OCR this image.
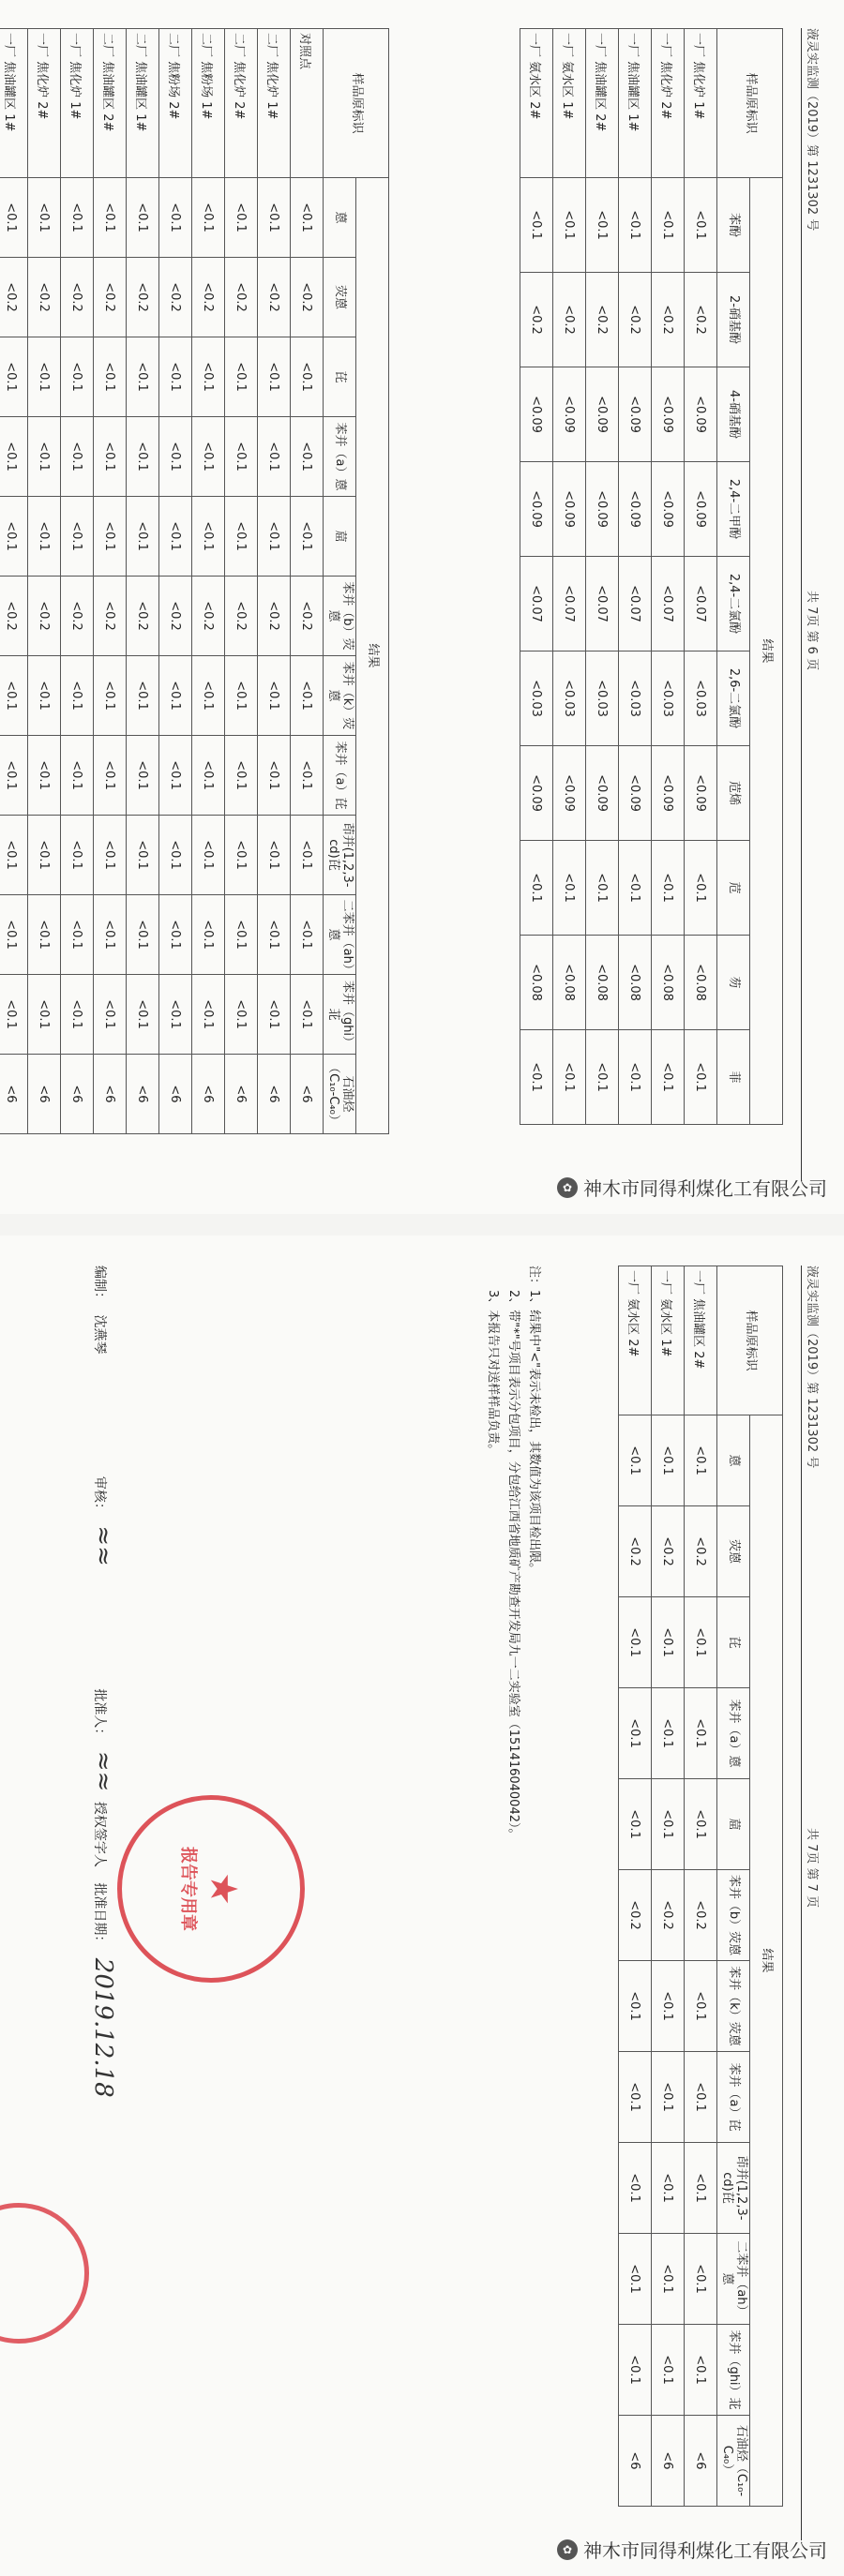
液灵实监测（2019）第 1231302 号
共 7页 第 6 页
样品原标识	结果									
	苯酚	2-硝基酚	4-硝基酚	2,4-二甲酚	2,4-二氯酚	2,6-二氯酚	苊烯	苊	芴	菲
一厂 焦化炉 1#	<0.1	<0.2	<0.09	<0.09	<0.07	<0.03	<0.09	<0.1	<0.08	<0.1
一厂 焦化炉 2#	<0.1	<0.2	<0.09	<0.09	<0.07	<0.03	<0.09	<0.1	<0.08	<0.1
一厂 焦油罐区 1#	<0.1	<0.2	<0.09	<0.09	<0.07	<0.03	<0.09	<0.1	<0.08	<0.1
一厂 焦油罐区 2#	<0.1	<0.2	<0.09	<0.09	<0.07	<0.03	<0.09	<0.1	<0.08	<0.1
一厂 氨水区 1#	<0.1	<0.2	<0.09	<0.09	<0.07	<0.03	<0.09	<0.1	<0.08	<0.1
一厂 氨水区 2#	<0.1	<0.2	<0.09	<0.09	<0.07	<0.03	<0.09	<0.1	<0.08	<0.1
样品原标识	结果											
	蒽	荧蒽	芘	苯并（a）蒽	䓛	苯并（b）荧蒽	苯并（k）荧蒽	苯并（a）芘	茚并(1,2,3-cd)芘	二苯并（ah）蒽	苯并（ghi）苝	石油烃（C₁₀-C₄₀）
对照点	<0.1	<0.2	<0.1	<0.1	<0.1	<0.2	<0.1	<0.1	<0.1	<0.1	<0.1	<6
二厂 焦化炉 1#	<0.1	<0.2	<0.1	<0.1	<0.1	<0.2	<0.1	<0.1	<0.1	<0.1	<0.1	<6
二厂 焦化炉 2#	<0.1	<0.2	<0.1	<0.1	<0.1	<0.2	<0.1	<0.1	<0.1	<0.1	<0.1	<6
二厂 焦粉场 1#	<0.1	<0.2	<0.1	<0.1	<0.1	<0.2	<0.1	<0.1	<0.1	<0.1	<0.1	<6
二厂 焦粉场 2#	<0.1	<0.2	<0.1	<0.1	<0.1	<0.2	<0.1	<0.1	<0.1	<0.1	<0.1	<6
二厂 焦油罐区 1#	<0.1	<0.2	<0.1	<0.1	<0.1	<0.2	<0.1	<0.1	<0.1	<0.1	<0.1	<6
二厂 焦油罐区 2#	<0.1	<0.2	<0.1	<0.1	<0.1	<0.2	<0.1	<0.1	<0.1	<0.1	<0.1	<6
一厂 焦化炉 1#	<0.1	<0.2	<0.1	<0.1	<0.1	<0.2	<0.1	<0.1	<0.1	<0.1	<0.1	<6
一厂 焦化炉 2#	<0.1	<0.2	<0.1	<0.1	<0.1	<0.2	<0.1	<0.1	<0.1	<0.1	<0.1	<6
一厂 焦油罐区 1#	<0.1	<0.2	<0.1	<0.1	<0.1	<0.2	<0.1	<0.1	<0.1	<0.1	<0.1	<6
✿ 神木市同得利煤化工有限公司
液灵实监测（2019）第 1231302 号
共 7页 第 7 页
样品原标识	结果											
	蒽	荧蒽	芘	苯并（a）蒽	䓛	苯并（b）荧蒽	苯并（k）荧蒽	苯并（a）芘	茚并(1,2,3-cd)芘	二苯并（ah）蒽	苯并（ghi）苝	石油烃（C₁₀-C₄₀）
一厂 焦油罐区 2#	<0.1	<0.2	<0.1	<0.1	<0.1	<0.2	<0.1	<0.1	<0.1	<0.1	<0.1	<6
一厂 氨水区 1#	<0.1	<0.2	<0.1	<0.1	<0.1	<0.2	<0.1	<0.1	<0.1	<0.1	<0.1	<6
一厂 氨水区 2#	<0.1	<0.2	<0.1	<0.1	<0.1	<0.2	<0.1	<0.1	<0.1	<0.1	<0.1	<6
注：1、结果中"<"表示未检出，其数值为该项目检出限。
2、带"*"号项目表示分包项目，分包给江西省地质矿产勘查开发局九一二实验室（151416040042）。
3、本报告只对送样样品负责。
★
报告专用章
编制： 沈燕琴 审核： ≈≈ 批准人： ≈≈ 授权签字人 批准日期： 2019.12.18
✿ 神木市同得利煤化工有限公司
